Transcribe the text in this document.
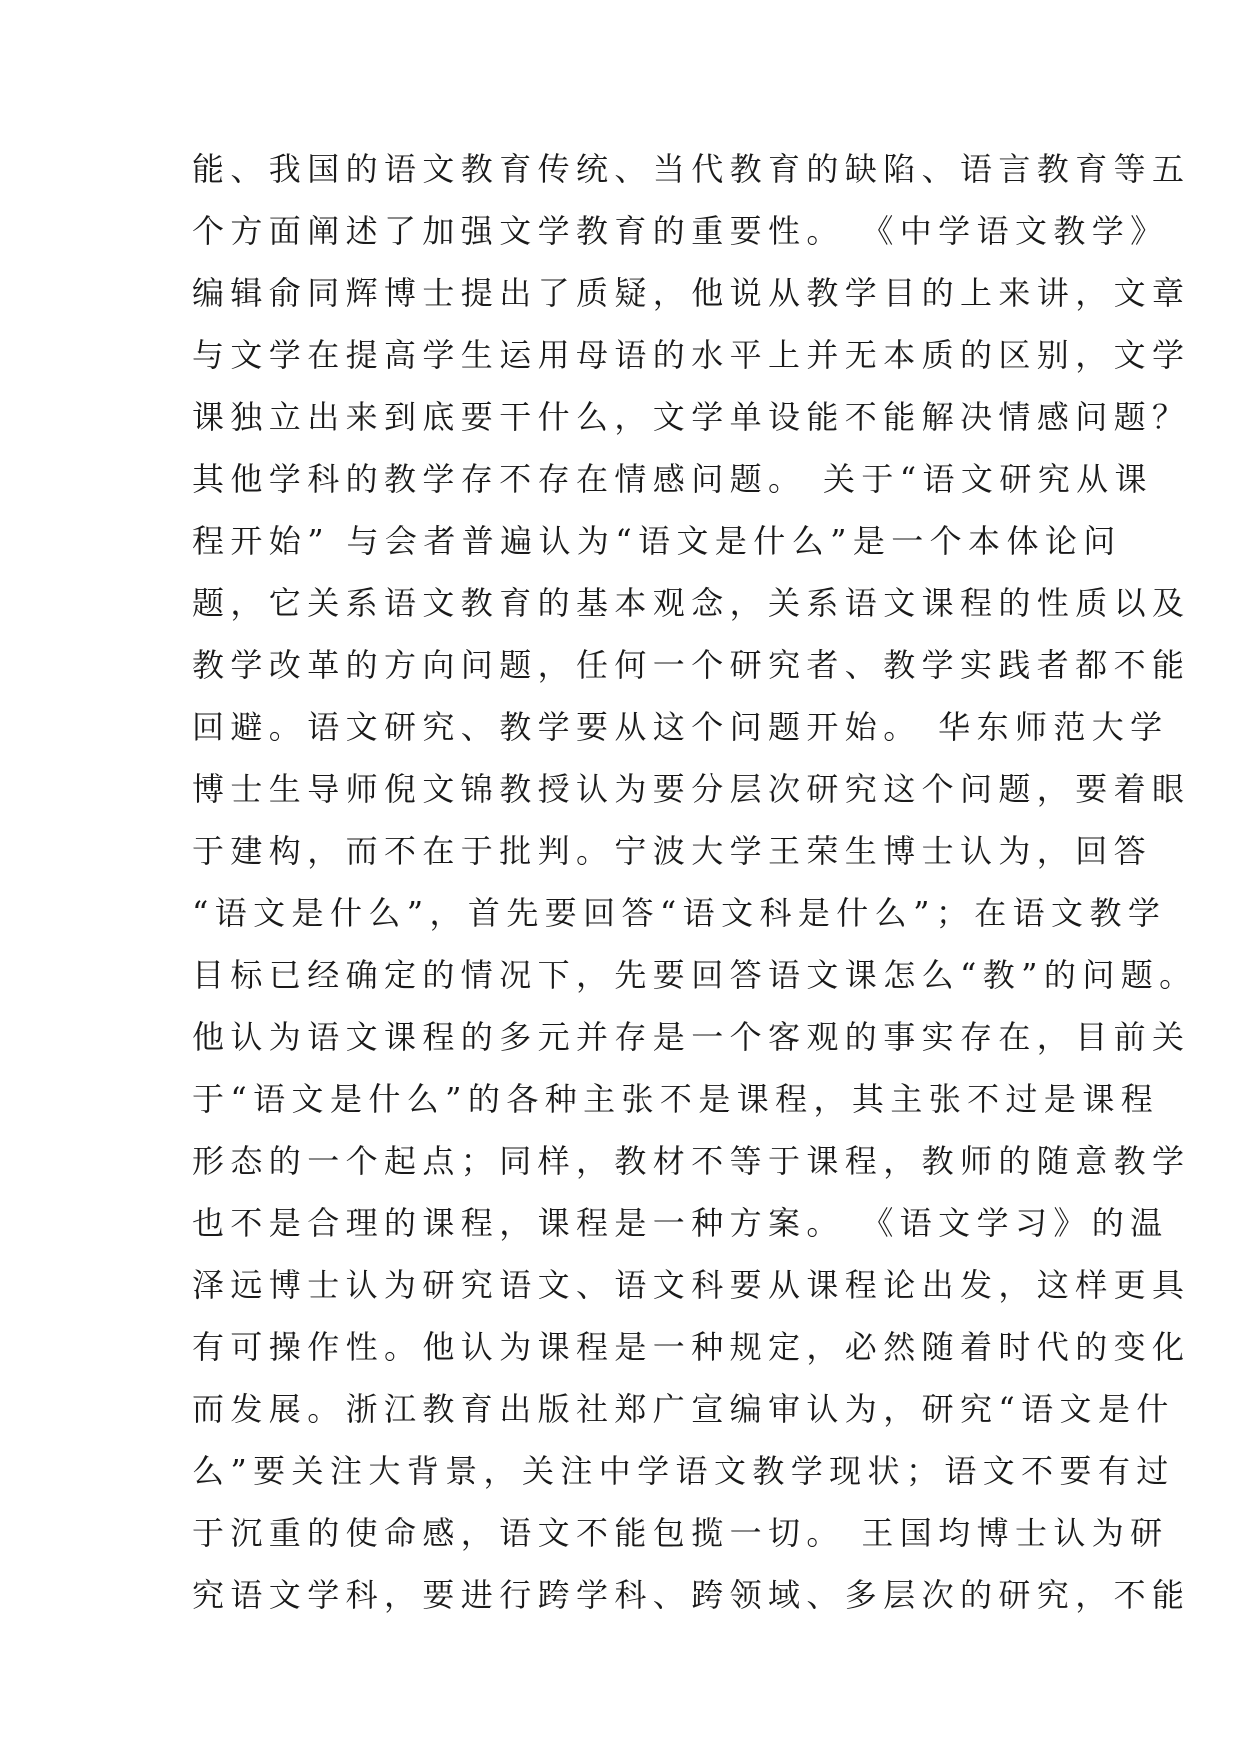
能、我国的语文教育传统、当代教育的缺陷、语言教育等五
个方面阐述了加强文学教育的重要性。 《中学语文教学》
编辑俞同辉博士提出了质疑，他说从教学目的上来讲，文章
与文学在提高学生运用母语的水平上并无本质的区别，文学
课独立出来到底要干什么，文学单设能不能解决情感问题？
其他学科的教学存不存在情感问题。 关于“语文研究从课
程开始” 与会者普遍认为“语文是什么”是一个本体论问
题，它关系语文教育的基本观念，关系语文课程的性质以及
教学改革的方向问题，任何一个研究者、教学实践者都不能
回避。语文研究、教学要从这个问题开始。 华东师范大学
博士生导师倪文锦教授认为要分层次研究这个问题，要着眼
于建构，而不在于批判。宁波大学王荣生博士认为，回答
“语文是什么”，首先要回答“语文科是什么”；在语文教学
目标已经确定的情况下，先要回答语文课怎么“教”的问题。
他认为语文课程的多元并存是一个客观的事实存在，目前关
于“语文是什么”的各种主张不是课程，其主张不过是课程
形态的一个起点；同样，教材不等于课程，教师的随意教学
也不是合理的课程，课程是一种方案。 《语文学习》的温
泽远博士认为研究语文、语文科要从课程论出发，这样更具
有可操作性。他认为课程是一种规定，必然随着时代的变化
而发展。浙江教育出版社郑广宣编审认为，研究“语文是什
么”要关注大背景，关注中学语文教学现状；语文不要有过
于沉重的使命感，语文不能包揽一切。 王国均博士认为研
究语文学科，要进行跨学科、跨领域、多层次的研究，不能
